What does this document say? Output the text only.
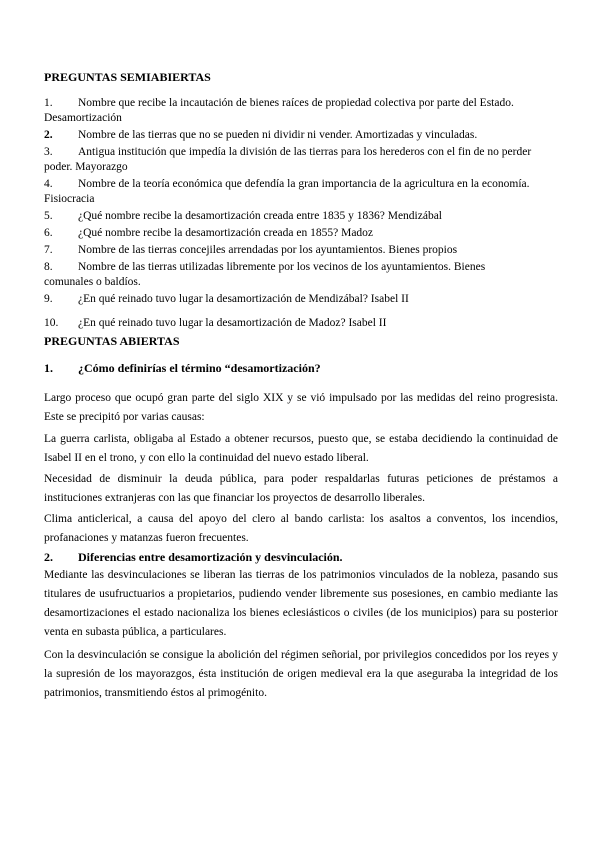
PREGUNTAS SEMIABIERTAS

1.	Nombre que recibe la incautación de bienes raíces de propiedad colectiva por parte del Estado.

Desamortización

2.	Nombre de las tierras que no se pueden ni dividir ni vender. Amortizadas y vinculadas.
3.	Antigua institución que impedía la división de las tierras para los herederos con el fin de no perder

poder. Mayorazgo

4.	Nombre de la teoría económica que defendía la gran importancia de la agricultura en la economía.

Fisiocracia

5.	¿Qué nombre recibe la desamortización creada entre 1835 y 1836? Mendizábal
6.	¿Qué nombre recibe la desamortización creada en 1855? Madoz
7.	Nombre de las tierras concejiles arrendadas por los ayuntamientos. Bienes propios
8.	Nombre de las tierras utilizadas libremente por los vecinos de los ayuntamientos. Bienes

comunales o baldíos.

9.	¿En qué reinado tuvo lugar la desamortización de Mendizábal? Isabel II
10.	¿En qué reinado tuvo lugar la desamortización de Madoz? Isabel II

PREGUNTAS ABIERTAS

1.	¿Cómo definirías el término “desamortización?

Largo proceso que ocupó gran parte del siglo XIX y se vió impulsado por las medidas del reino progresista. Este se precipitó por varias causas:

La guerra carlista, obligaba al Estado a obtener recursos, puesto que, se estaba decidiendo la continuidad de Isabel II en el trono, y con ello la continuidad del nuevo estado liberal.

Necesidad de disminuir la deuda pública, para poder respaldarlas futuras peticiones de préstamos a instituciones extranjeras con las que financiar los proyectos de desarrollo liberales.

Clima anticlerical, a causa del apoyo del clero al bando carlista: los asaltos a conventos, los incendios, profanaciones y matanzas fueron frecuentes.

2.	Diferencias entre desamortización y desvinculación.

Mediante las desvinculaciones se liberan las tierras de los patrimonios vinculados de la nobleza, pasando sus titulares de usufructuarios a propietarios, pudiendo vender libremente sus posesiones, en cambio mediante las desamortizaciones el estado nacionaliza los bienes eclesiásticos o civiles (de los municipios) para su posterior venta en subasta pública, a particulares.

Con la desvinculación se consigue la abolición del régimen señorial, por privilegios concedidos por los reyes y la supresión de los mayorazgos, ésta institución de origen medieval era la que aseguraba la integridad de los patrimonios, transmitiendo éstos al primogénito.
